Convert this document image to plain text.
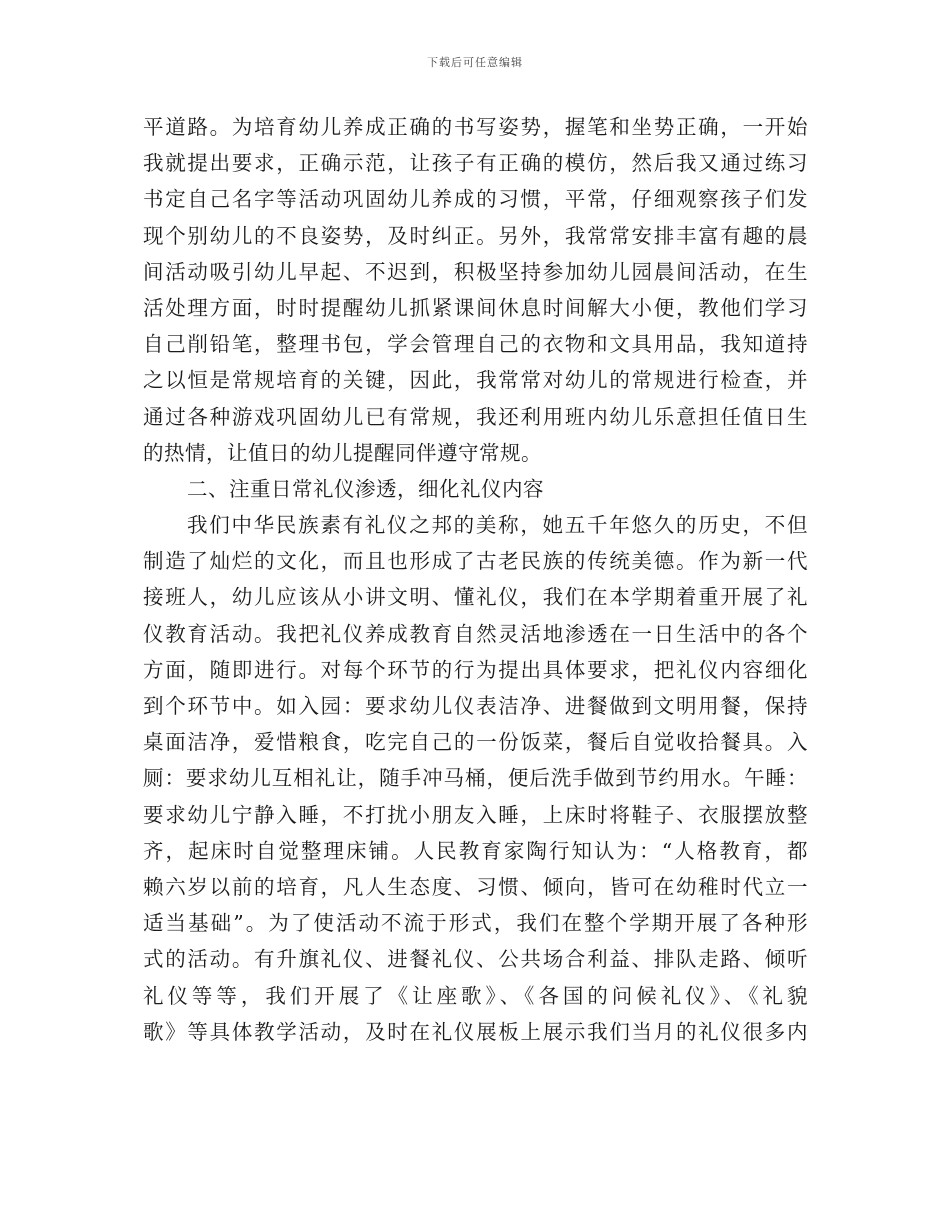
下载后可任意编辑
平道路。为培育幼儿养成正确的书写姿势，握笔和坐势正确，一开始
我就提出要求，正确示范，让孩子有正确的模仿，然后我又通过练习
书定自己名字等活动巩固幼儿养成的习惯，平常，仔细观察孩子们发
现个别幼儿的不良姿势，及时纠正。另外，我常常安排丰富有趣的晨
间活动吸引幼儿早起、不迟到，积极坚持参加幼儿园晨间活动，在生
活处理方面，时时提醒幼儿抓紧课间休息时间解大小便，教他们学习
自己削铅笔，整理书包，学会管理自己的衣物和文具用品，我知道持
之以恒是常规培育的关键，因此，我常常对幼儿的常规进行检查，并
通过各种游戏巩固幼儿已有常规，我还利用班内幼儿乐意担任值日生
的热情，让值日的幼儿提醒同伴遵守常规。
二、注重日常礼仪渗透，细化礼仪内容
我们中华民族素有礼仪之邦的美称，她五千年悠久的历史，不但
制造了灿烂的文化，而且也形成了古老民族的传统美德。作为新一代
接班人，幼儿应该从小讲文明、懂礼仪，我们在本学期着重开展了礼
仪教育活动。我把礼仪养成教育自然灵活地渗透在一日生活中的各个
方面，随即进行。对每个环节的行为提出具体要求，把礼仪内容细化
到个环节中。如入园：要求幼儿仪表洁净、进餐做到文明用餐，保持
桌面洁净，爱惜粮食，吃完自己的一份饭菜，餐后自觉收拾餐具。入
厕：要求幼儿互相礼让，随手冲马桶，便后洗手做到节约用水。午睡：
要求幼儿宁静入睡，不打扰小朋友入睡，上床时将鞋子、衣服摆放整
齐，起床时自觉整理床铺。人民教育家陶行知认为：“人格教育，都
赖六岁以前的培育，凡人生态度、习惯、倾向，皆可在幼稚时代立一
适当基础”。为了使活动不流于形式，我们在整个学期开展了各种形
式的活动。有升旗礼仪、进餐礼仪、公共场合利益、排队走路、倾听
礼仪等等，我们开展了《让座歌》、《各国的问候礼仪》、《礼貌
歌》等具体教学活动，及时在礼仪展板上展示我们当月的礼仪很多内
